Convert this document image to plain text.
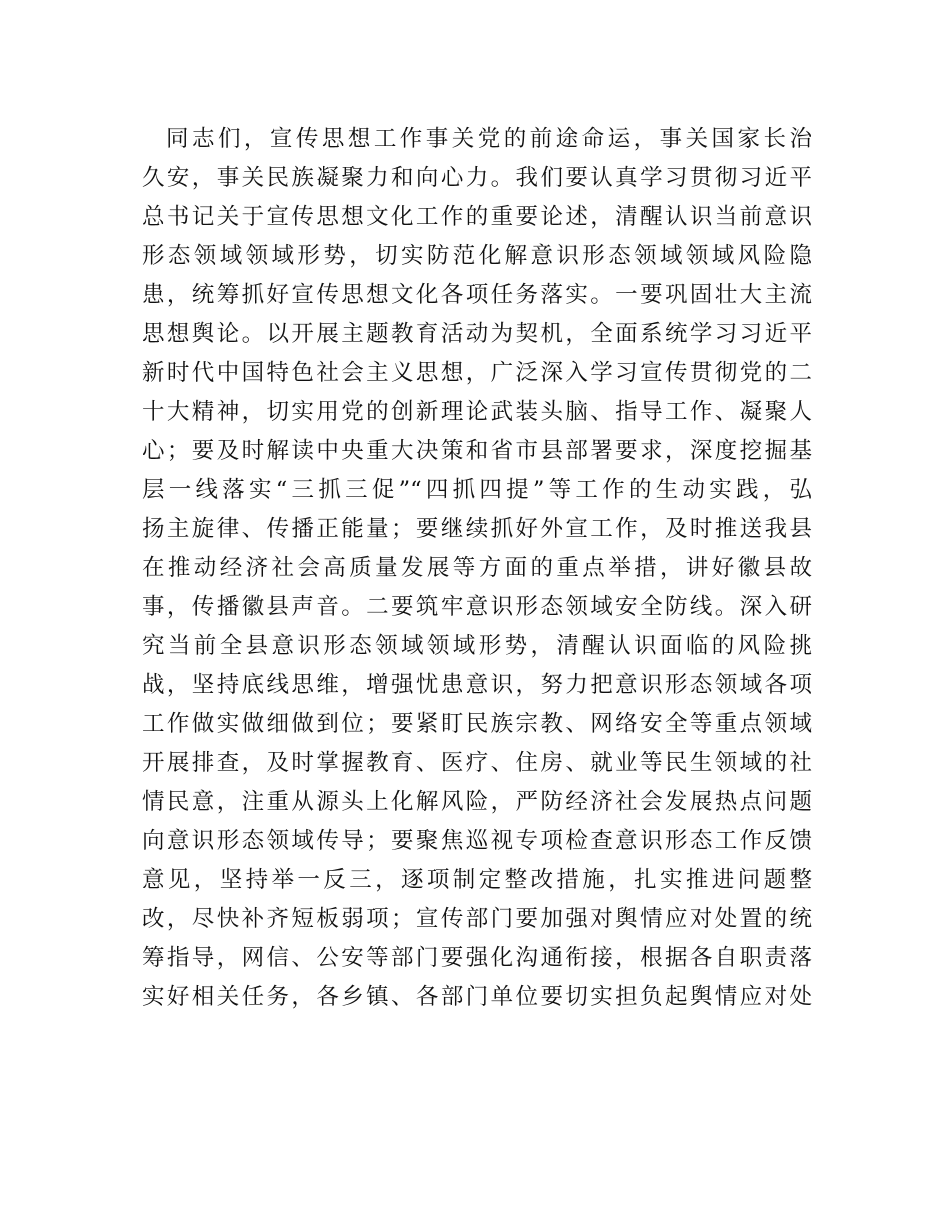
同志们，宣传思想工作事关党的前途命运，事关国家长治
久安，事关民族凝聚力和向心力。我们要认真学习贯彻习近平
总书记关于宣传思想文化工作的重要论述，清醒认识当前意识
形态领域领域形势，切实防范化解意识形态领域领域风险隐
患，统筹抓好宣传思想文化各项任务落实。一要巩固壮大主流
思想舆论。以开展主题教育活动为契机，全面系统学习习近平
新时代中国特色社会主义思想，广泛深入学习宣传贯彻党的二
十大精神，切实用党的创新理论武装头脑、指导工作、凝聚人
心；要及时解读中央重大决策和省市县部署要求，深度挖掘基
层一线落实“三抓三促”“四抓四提”等工作的生动实践，弘
扬主旋律、传播正能量；要继续抓好外宣工作，及时推送我县
在推动经济社会高质量发展等方面的重点举措，讲好徽县故
事，传播徽县声音。二要筑牢意识形态领域安全防线。深入研
究当前全县意识形态领域领域形势，清醒认识面临的风险挑
战，坚持底线思维，增强忧患意识，努力把意识形态领域各项
工作做实做细做到位；要紧盯民族宗教、网络安全等重点领域
开展排查，及时掌握教育、医疗、住房、就业等民生领域的社
情民意，注重从源头上化解风险，严防经济社会发展热点问题
向意识形态领域传导；要聚焦巡视专项检查意识形态工作反馈
意见，坚持举一反三，逐项制定整改措施，扎实推进问题整
改，尽快补齐短板弱项；宣传部门要加强对舆情应对处置的统
筹指导，网信、公安等部门要强化沟通衔接，根据各自职责落
实好相关任务，各乡镇、各部门单位要切实担负起舆情应对处
